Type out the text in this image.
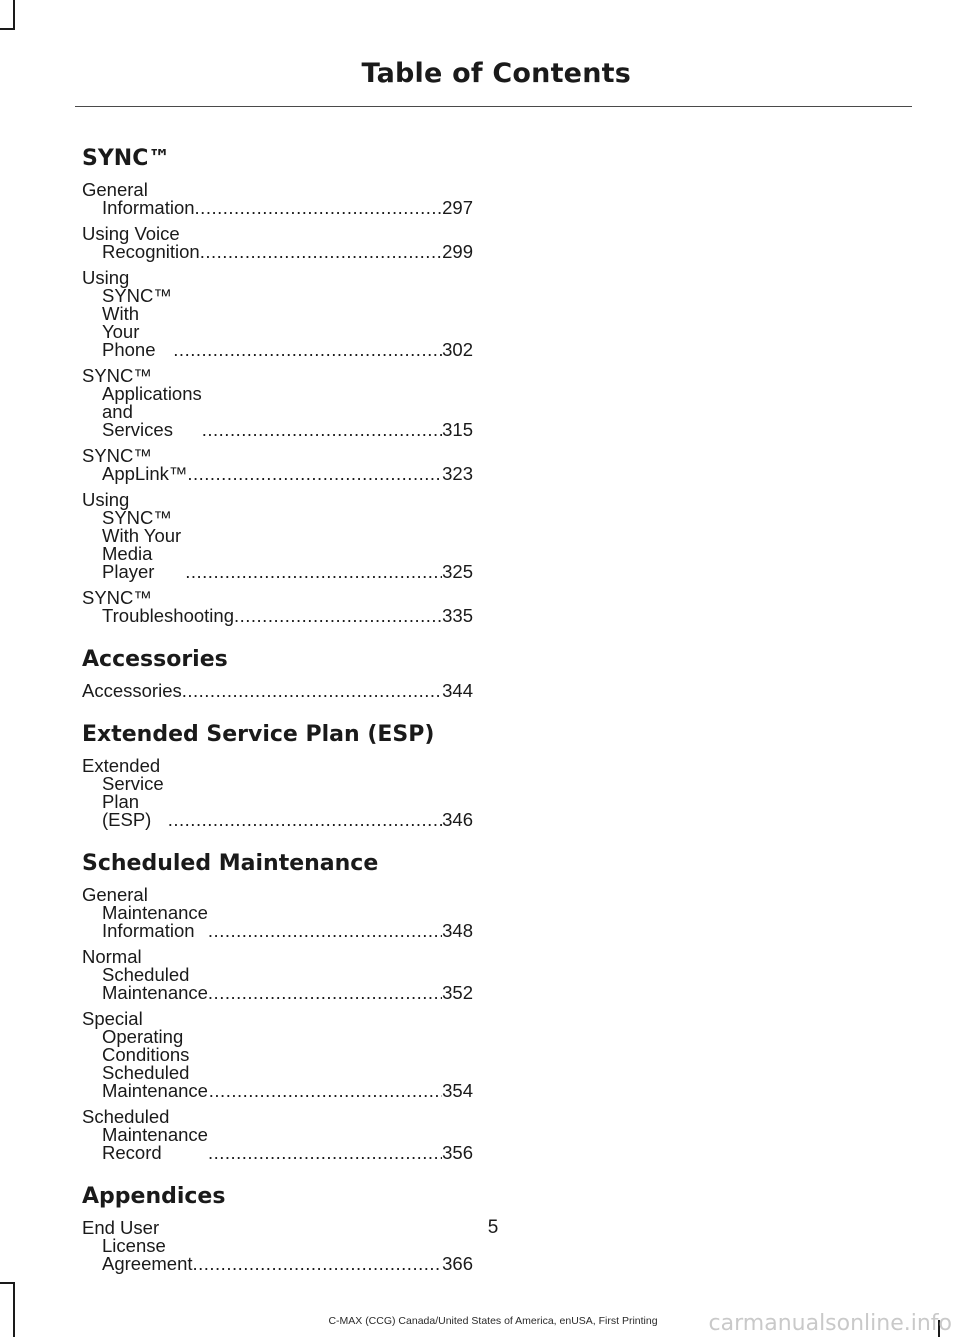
Table of Contents
SYNC™
General Information .....	297
Using Voice Recognition .....	299
Using SYNC™ With Your Phone .....	302
SYNC™ Applications and Services .....	315
SYNC™ AppLink™ .....	323
Using SYNC™ With Your Media Player .....	325
SYNC™ Troubleshooting .....	335
Accessories
Accessories .....	344
Extended Service Plan (ESP)
Extended Service Plan (ESP) .....	346
Scheduled Maintenance
General Maintenance Information .....	348
Normal Scheduled Maintenance .....	352
Special Operating Conditions Scheduled Maintenance .....	354
Scheduled Maintenance Record .....	356
Appendices
End User License Agreement .....	366
5
C-MAX (CCG) Canada/United States of America, enUSA, First Printing	carmanualsonline.info
